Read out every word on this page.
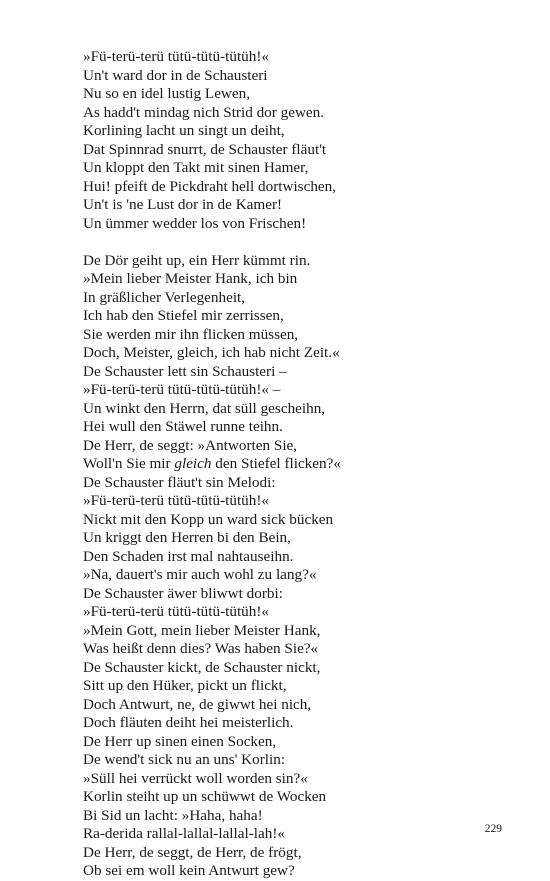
»Fü-terü-terü tütü-tütü-tütüh!«
Un't ward dor in de Schausteri
Nu so en idel lustig Lewen,
As hadd't mindag nich Strid dor gewen.
Korlining lacht un singt un deiht,
Dat Spinnrad snurrt, de Schauster fläut't
Un kloppt den Takt mit sinen Hamer,
Hui! pfeift de Pickdraht hell dortwischen,
Un't is 'ne Lust dor in de Kamer!
Un ümmer wedder los von Frischen!
De Dör geiht up, ein Herr kümmt rin.
»Mein lieber Meister Hank, ich bin
In gräßlicher Verlegenheit,
Ich hab den Stiefel mir zerrissen,
Sie werden mir ihn flicken müssen,
Doch, Meister, gleich, ich hab nicht Zeit.«
De Schauster lett sin Schausteri –
»Fü-terü-terü tütü-tütü-tütüh!« –
Un winkt den Herrn, dat süll gescheihn,
Hei wull den Stäwel runne teihn.
De Herr, de seggt: »Antworten Sie,
Woll'n Sie mir gleich den Stiefel flicken?«
De Schauster fläut't sin Melodi:
»Fü-terü-terü tütü-tütü-tütüh!«
Nickt mit den Kopp un ward sick bücken
Un kriggt den Herren bi den Bein,
Den Schaden irst mal nahtauseihn.
»Na, dauert's mir auch wohl zu lang?«
De Schauster äwer bliwwt dorbi:
»Fü-terü-terü tütü-tütü-tütüh!«
»Mein Gott, mein lieber Meister Hank,
Was heißt denn dies? Was haben Sie?«
De Schauster kickt, de Schauster nickt,
Sitt up den Hüker, pickt un flickt,
Doch Antwurt, ne, de giwwt hei nich,
Doch fläuten deiht hei meisterlich.
De Herr up sinen einen Socken,
De wend't sick nu an uns' Korlin:
»Süll hei verrückt woll worden sin?«
Korlin steiht up un schüwwt de Wocken
Bi Sid un lacht: »Haha, haha!
Ra-derida rallal-lallal-lallal-lah!«
De Herr, de seggt, de Herr, de frögt,
Ob sei em woll kein Antwurt gew?
229
